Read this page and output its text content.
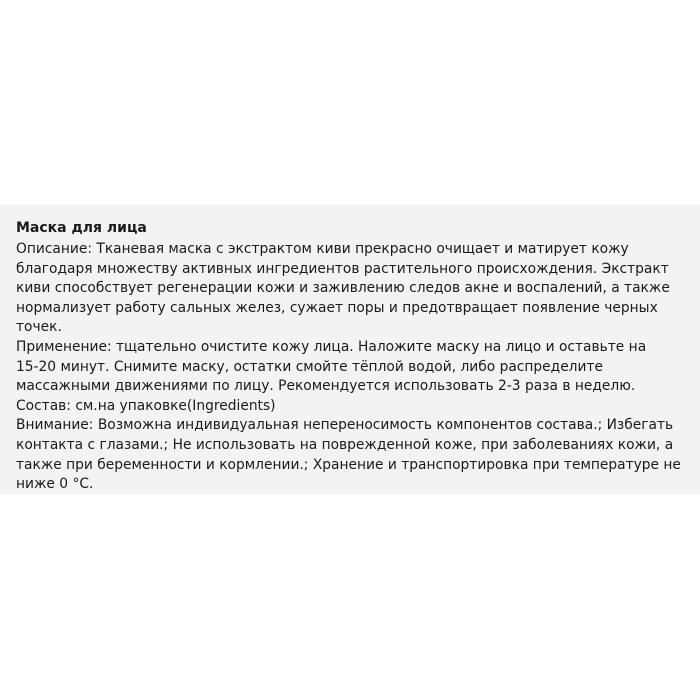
Маска для лица
Описание: Тканевая маска с экстрактом киви прекрасно очищает и матирует кожу
благодаря множеству активных ингредиентов растительного происхождения. Экстракт
киви способствует регенерации кожи и заживлению следов акне и воспалений, а также
нормализует работу сальных желез, сужает поры и предотвращает появление черных
точек.
Применение: тщательно очистите кожу лица. Наложите маску на лицо и оставьте на
15-20 минут. Снимите маску, остатки смойте тёплой водой, либо распределите
массажными движениями по лицу. Рекомендуется использовать 2-3 раза в неделю.
Состав: см.на упаковке(Ingredients)
Внимание: Возможна индивидуальная непереносимость компонентов состава.; Избегать
контакта с глазами.; Не использовать на поврежденной коже, при заболеваниях кожи, а
также при беременности и кормлении.; Хранение и транспортировка при температуре не
ниже 0 °С.
